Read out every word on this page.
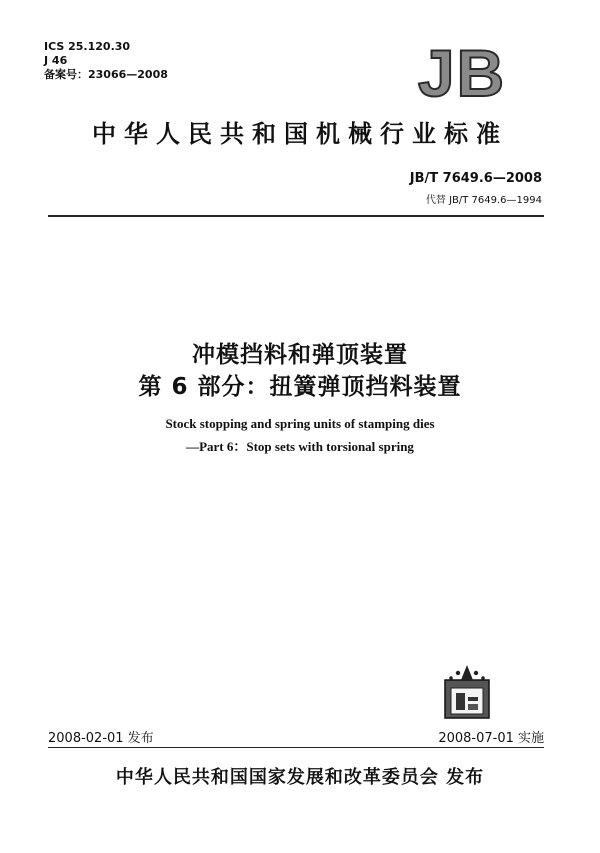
ICS 25.120.30
J 46
备案号：23066—2008	JB
中华人民共和国机械行业标准
JB/T 7649.6—2008
代替 JB/T 7649.6—1994
冲模挡料和弹顶装置
第 6 部分：扭簧弹顶挡料装置
Stock stopping and spring units of stamping dies
—Part 6：Stop sets with torsional spring
2008-02-01 发布	2008-07-01 实施
中华人民共和国国家发展和改革委员会 发布
